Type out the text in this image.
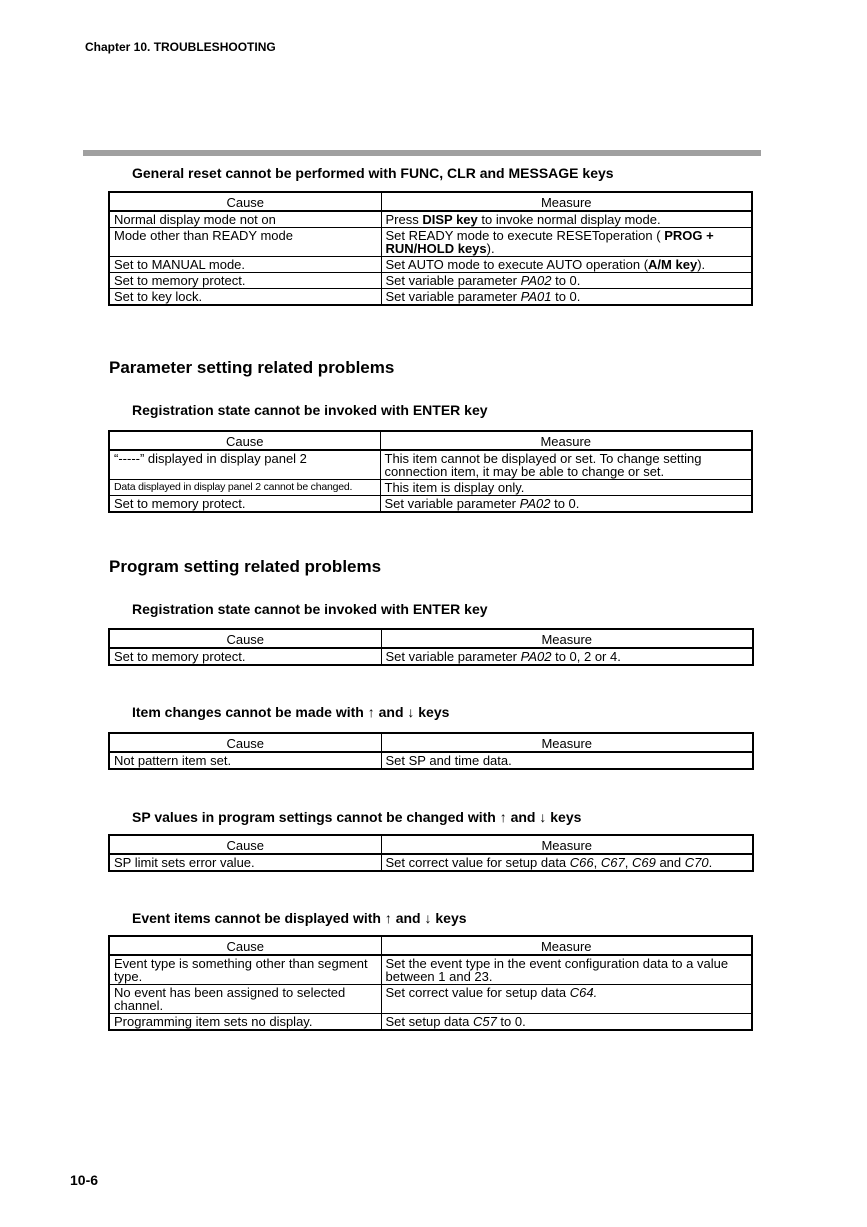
Chapter 10. TROUBLESHOOTING
General reset cannot be performed with FUNC, CLR and MESSAGE keys
Cause	Measure
Normal display mode not on	Press DISP key to invoke normal display mode.
Mode other than READY mode	Set READY mode to execute RESEToperation ( PROG + RUN/HOLD keys).
Set to MANUAL mode.	Set AUTO mode to execute AUTO operation (A/M key).
Set to memory protect.	Set variable parameter PA02 to 0.
Set to key lock.	Set variable parameter PA01 to 0.
Parameter setting related problems
Registration state cannot be invoked with ENTER key
Cause	Measure
“-----” displayed in display panel 2	This item cannot be displayed or set. To change setting connection item, it may be able to change or set.
Data displayed in display panel 2 cannot be changed.	This item is display only.
Set to memory protect.	Set variable parameter PA02 to 0.
Program setting related problems
Registration state cannot be invoked with ENTER key
Cause	Measure
Set to memory protect.	Set variable parameter PA02 to 0, 2 or 4.
Item changes cannot be made with ↑ and ↓ keys
Cause	Measure
Not pattern item set.	Set SP and time data.
SP values in program settings cannot be changed with ↑ and ↓ keys
Cause	Measure
SP limit sets error value.	Set correct value for setup data C66, C67, C69 and C70.
Event items cannot be displayed with ↑ and ↓ keys
Cause	Measure
Event type is something other than segment type.	Set the event type in the event configuration data to a value between 1 and 23.
No event has been assigned to selected channel.	Set correct value for setup data C64.
Programming item sets no display.	Set setup data C57 to 0.
10-6
